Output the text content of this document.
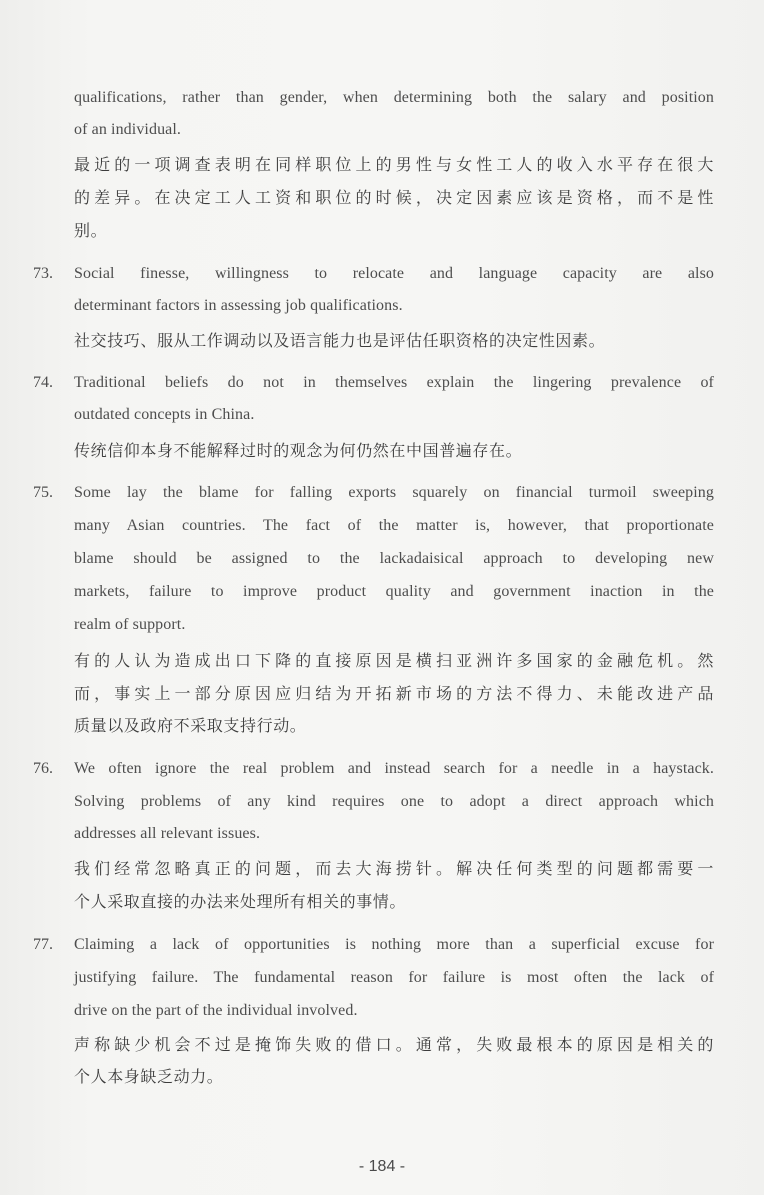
qualifications, rather than gender, when determining both the salary and position
of an individual.
最近的一项调查表明在同样职位上的男性与女性工人的收入水平存在很大
的差异。在决定工人工资和职位的时候，决定因素应该是资格，而不是性
别。
73. Social finesse, willingness to relocate and language capacity are also
determinant factors in assessing job qualifications.
社交技巧、服从工作调动以及语言能力也是评估任职资格的决定性因素。
74. Traditional beliefs do not in themselves explain the lingering prevalence of
outdated concepts in China.
传统信仰本身不能解释过时的观念为何仍然在中国普遍存在。
75. Some lay the blame for falling exports squarely on financial turmoil sweeping
many Asian countries. The fact of the matter is, however, that proportionate
blame should be assigned to the lackadaisical approach to developing new
markets, failure to improve product quality and government inaction in the
realm of support.
有的人认为造成出口下降的直接原因是横扫亚洲许多国家的金融危机。然
而，事实上一部分原因应归结为开拓新市场的方法不得力、未能改进产品
质量以及政府不采取支持行动。
76. We often ignore the real problem and instead search for a needle in a haystack.
Solving problems of any kind requires one to adopt a direct approach which
addresses all relevant issues.
我们经常忽略真正的问题，而去大海捞针。解决任何类型的问题都需要一
个人采取直接的办法来处理所有相关的事情。
77. Claiming a lack of opportunities is nothing more than a superficial excuse for
justifying failure. The fundamental reason for failure is most often the lack of
drive on the part of the individual involved.
声称缺少机会不过是掩饰失败的借口。通常，失败最根本的原因是相关的
个人本身缺乏动力。
- 184 -
